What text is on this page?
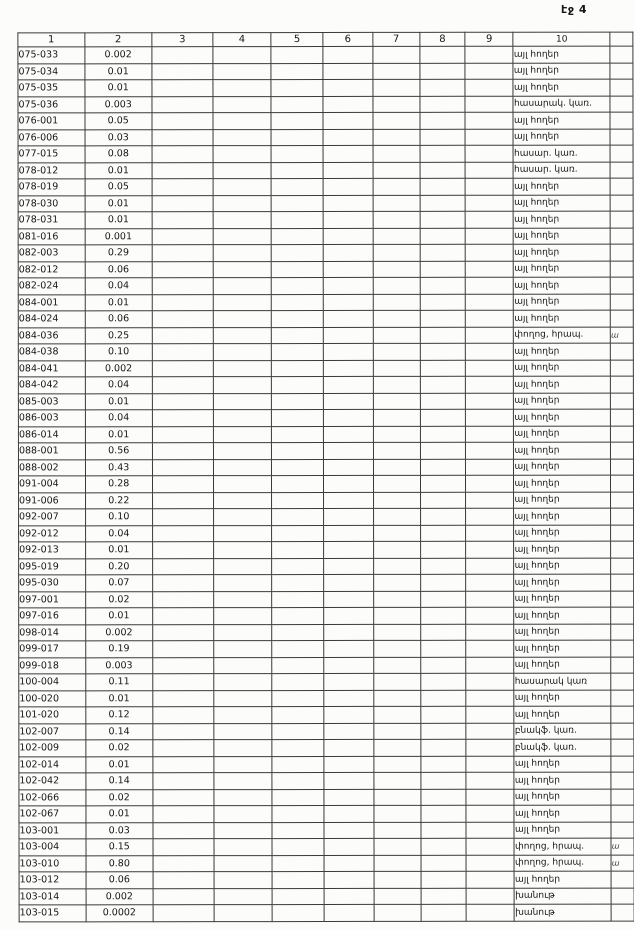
էջ 4
1	2	3	4	5	6	7	8	9	10	
075-033	0.002								այլ հողեր	
075-034	0.01								այլ հողեր	
075-035	0.01								այլ հողեր	
075-036	0.003								հասարակ. կառ.	
076-001	0.05								այլ հողեր	
076-006	0.03								այլ հողեր	
077-015	0.08								հասար. կառ.	
078-012	0.01								հասար. կառ.	
078-019	0.05								այլ հողեր	
078-030	0.01								այլ հողեր	
078-031	0.01								այլ հողեր	
081-016	0.001								այլ հողեր	
082-003	0.29								այլ հողեր	
082-012	0.06								այլ հողեր	
082-024	0.04								այլ հողեր	
084-001	0.01								այլ հողեր	
084-024	0.06								այլ հողեր	
084-036	0.25								փողոց, հրապ.	ա
084-038	0.10								այլ հողեր	
084-041	0.002								այլ հողեր	
084-042	0.04								այլ հողեր	
085-003	0.01								այլ հողեր	
086-003	0.04								այլ հողեր	
086-014	0.01								այլ հողեր	
088-001	0.56								այլ հողեր	
088-002	0.43								այլ հողեր	
091-004	0.28								այլ հողեր	
091-006	0.22								այլ հողեր	
092-007	0.10								այլ հողեր	
092-012	0.04								այլ հողեր	
092-013	0.01								այլ հողեր	
095-019	0.20								այլ հողեր	
095-030	0.07								այլ հողեր	
097-001	0.02								այլ հողեր	
097-016	0.01								այլ հողեր	
098-014	0.002								այլ հողեր	
099-017	0.19								այլ հողեր	
099-018	0.003								այլ հողեր	
100-004	0.11								հասարակ կառ	
100-020	0.01								այլ հողեր	
101-020	0.12								այլ հողեր	
102-007	0.14								բնակֆ. կառ.	
102-009	0.02								բնակֆ. կառ.	
102-014	0.01								այլ հողեր	
102-042	0.14								այլ հողեր	
102-066	0.02								այլ հողեր	
102-067	0.01								այլ հողեր	
103-001	0.03								այլ հողեր	
103-004	0.15								փողոց, հրապ.	ա
103-010	0.80								փողոց, հրապ.	ա
103-012	0.06								այլ հողեր	
103-014	0.002								խանութ	
103-015	0.0002								խանութ	
